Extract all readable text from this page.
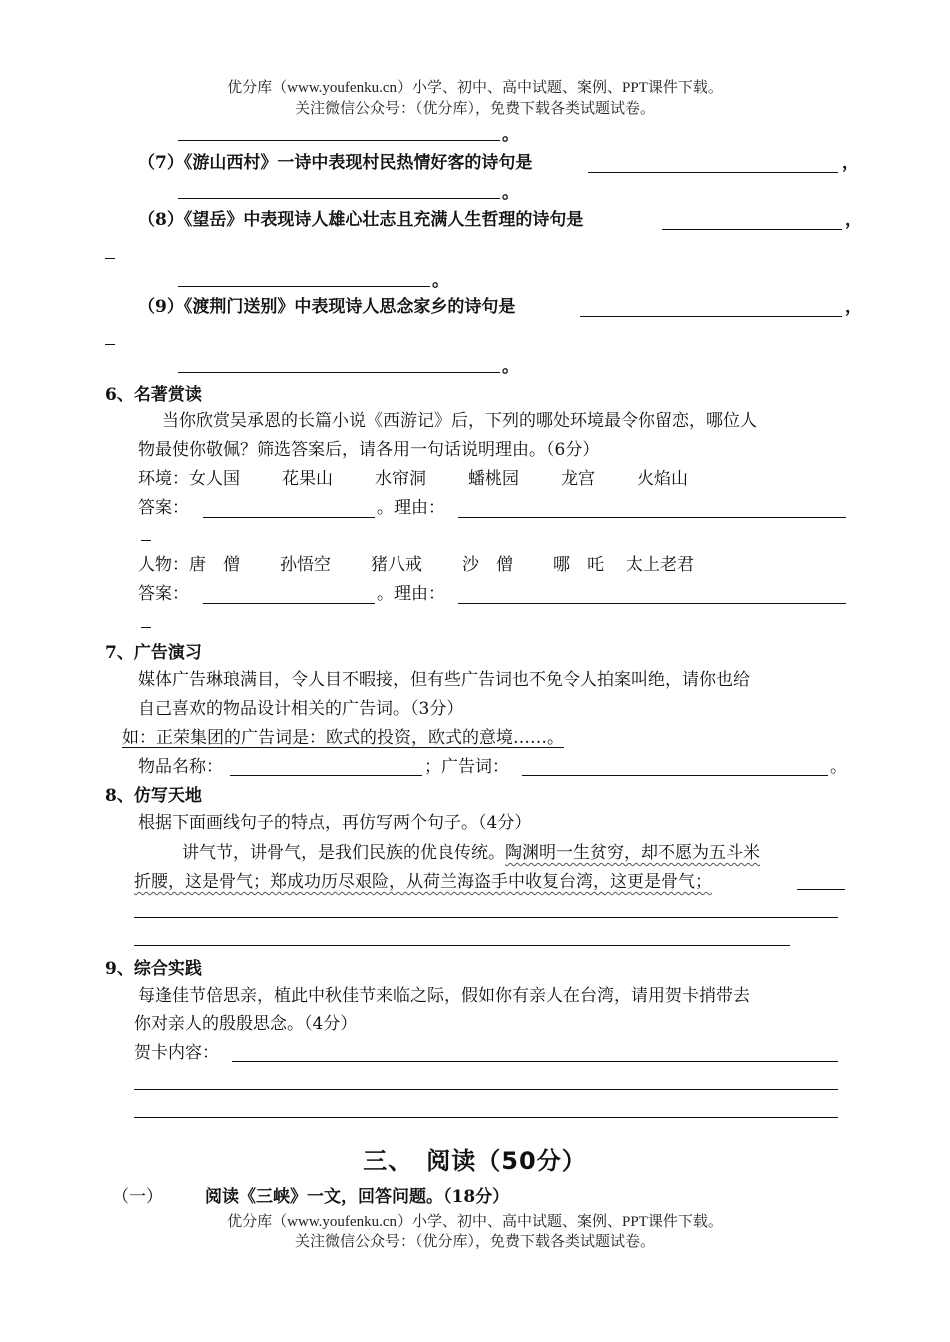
优分库（www.youfenku.cn）小学、初中、高中试题、案例、PPT课件下载。
关注微信公众号：（优分库），免费下载各类试题试卷。
。
（7）《游山西村》一诗中表现村民热情好客的诗句是	，
。
（8）《望岳》中表现诗人雄心壮志且充满人生哲理的诗句是	，
。
（9）《渡荆门送别》中表现诗人思念家乡的诗句是	，
。
6、名著赏读
当你欣赏吴承恩的长篇小说《西游记》后，下列的哪处环境最令你留恋，哪位人
物最使你敬佩？筛选答案后，请各用一句话说明理由。（6分）
环境：女人国 花果山 水帘洞 蟠桃园 龙宫 火焰山
答案：	。理由：
人物：唐　僧 孙悟空 猪八戒 沙　僧 哪　吒 太上老君
答案：	。理由：
7、广告演习
媒体广告琳琅满目，令人目不暇接，但有些广告词也不免令人拍案叫绝，请你也给
自己喜欢的物品设计相关的广告词。（3分）
如：正荣集团的广告词是：欧式的投资，欧式的意境……。
物品名称：	；广告词：	。
8、仿写天地
根据下面画线句子的特点，再仿写两个句子。（4分）
讲气节，讲骨气，是我们民族的优良传统。陶渊明一生贫穷，却不愿为五斗米
折腰，这是骨气；郑成功历尽艰险，从荷兰海盗手中收复台湾，这更是骨气；
9、综合实践
每逢佳节倍思亲，植此中秋佳节来临之际，假如你有亲人在台湾，请用贺卡捎带去
你对亲人的殷殷思念。（4分）
贺卡内容：
三、　阅读（50分）
（一） 阅读《三峡》一文，回答问题。（18分）
优分库（www.youfenku.cn）小学、初中、高中试题、案例、PPT课件下载。
关注微信公众号：（优分库），免费下载各类试题试卷。
